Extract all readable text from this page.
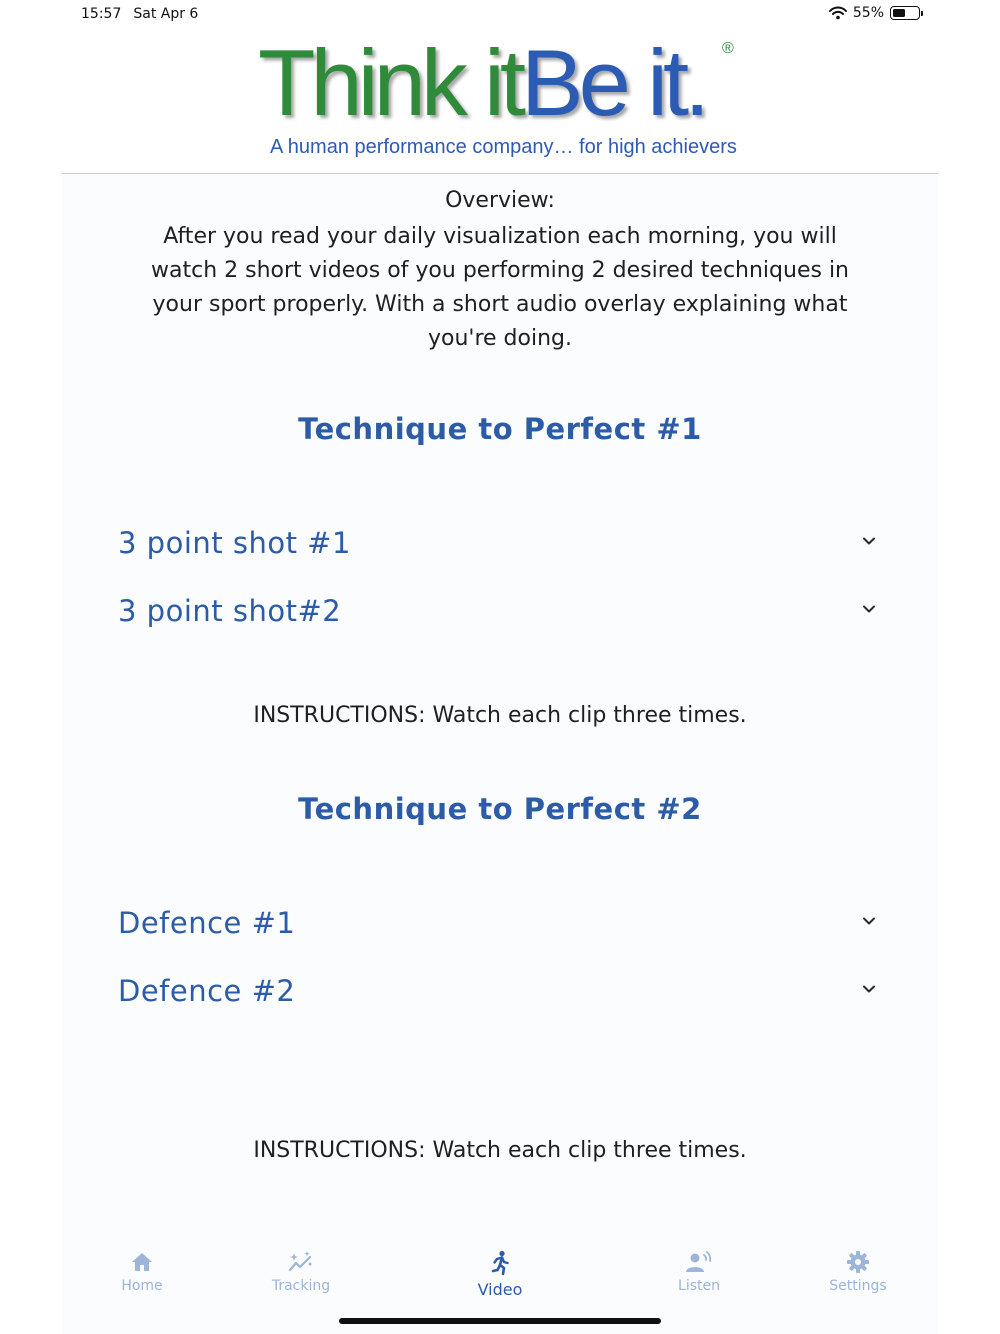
15:57 Sat Apr 6	55%
Think itBe it. ®
A human performance company… for high achievers
Overview:
After you read your daily visualization each morning, you will watch 2 short videos of you performing 2 desired techniques in your sport properly. With a short audio overlay explaining what you're doing.
Technique to Perfect #1
3 point shot #1
3 point shot#2
INSTRUCTIONS: Watch each clip three times.
Technique to Perfect #2
Defence #1
Defence #2
INSTRUCTIONS: Watch each clip three times.
Home	Tracking	Video	Listen	Settings
